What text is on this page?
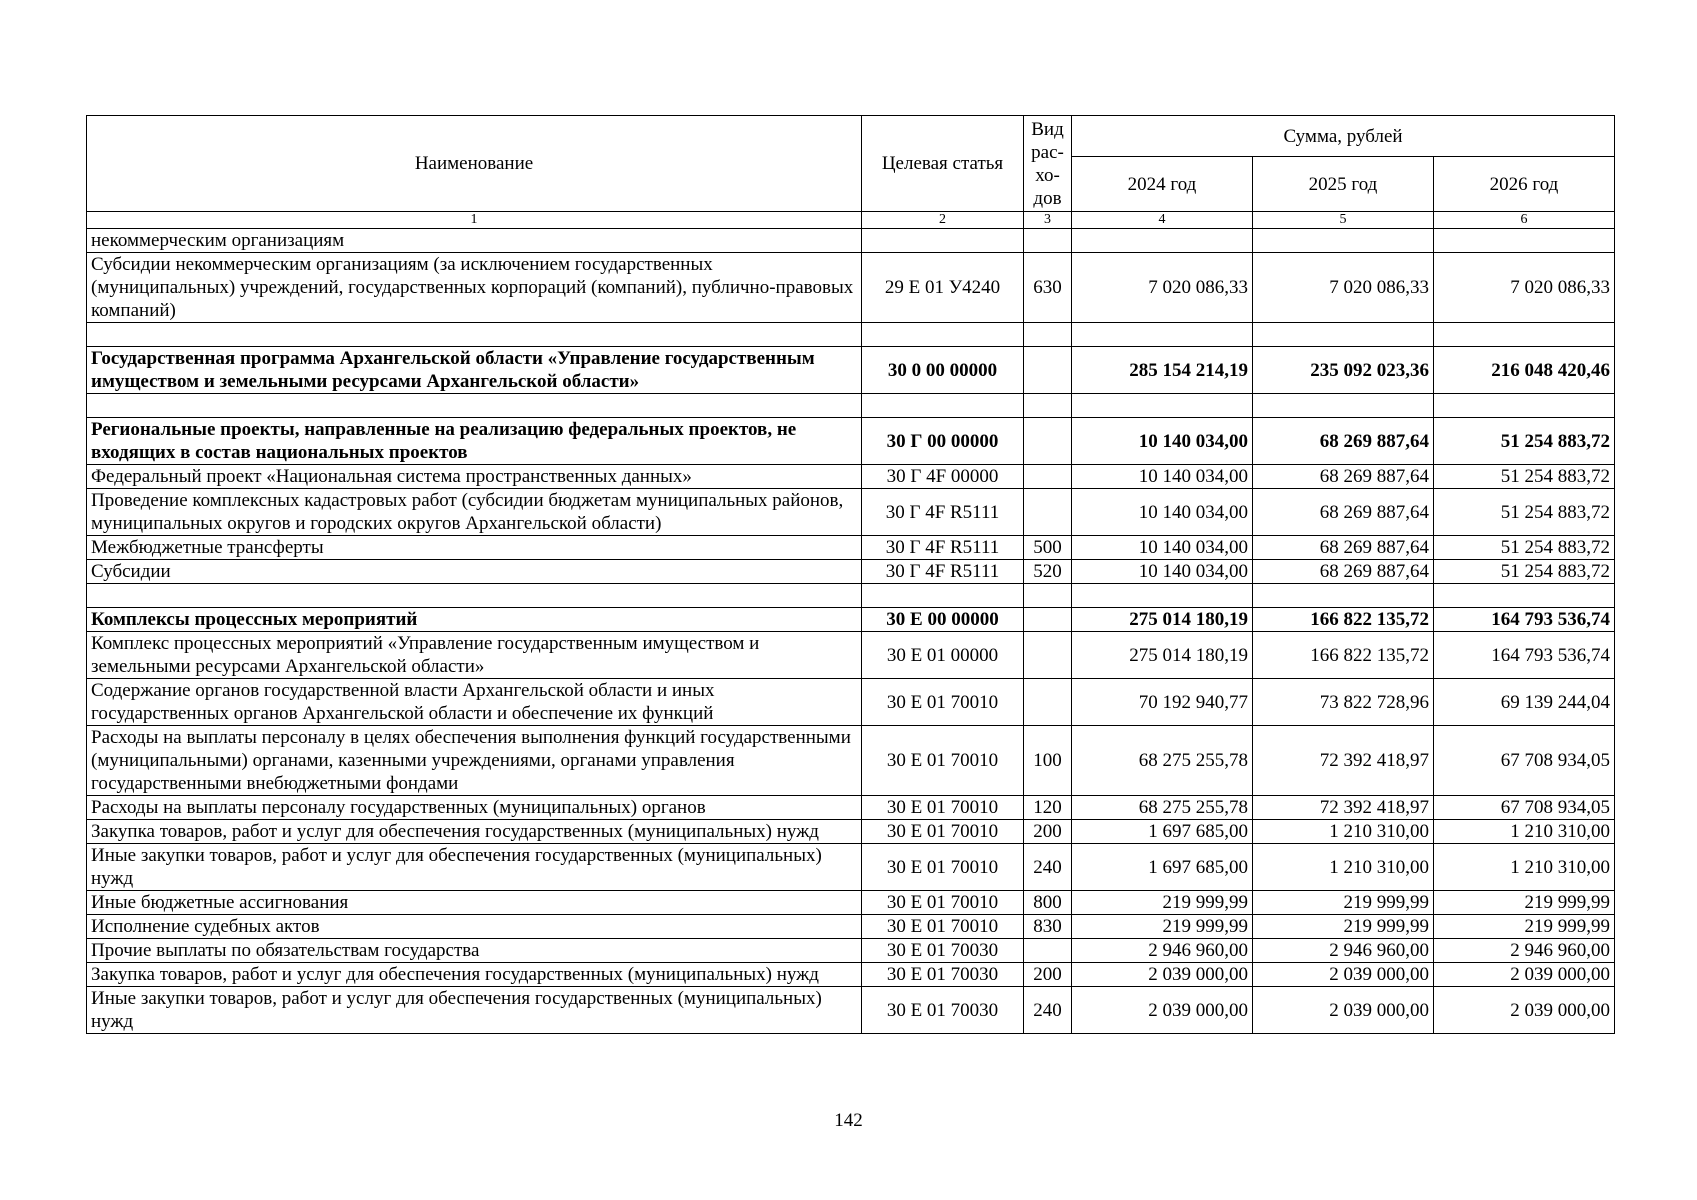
Наименование	Целевая статья	Вид рас-хо-дов	Сумма, рублей		
			2024 год	2025 год	2026 год
1	2	3	4	5	6
некоммерческим организациям					
Субсидии некоммерческим организациям (за исключением государственных (муниципальных) учреждений, государственных корпораций (компаний), публично-правовых компаний)	29 Е 01 У4240	630	7 020 086,33	7 020 086,33	7 020 086,33

Государственная программа Архангельской области «Управление государственным имуществом и земельными ресурсами Архангельской области»	30 0 00 00000		285 154 214,19	235 092 023,36	216 048 420,46

Региональные проекты, направленные на реализацию федеральных проектов, не входящих в состав национальных проектов	30 Г 00 00000		10 140 034,00	68 269 887,64	51 254 883,72
Федеральный проект «Национальная система пространственных данных»	30 Г 4F 00000		10 140 034,00	68 269 887,64	51 254 883,72
Проведение комплексных кадастровых работ (субсидии бюджетам муниципальных районов, муниципальных округов и городских округов Архангельской области)	30 Г 4F R5111		10 140 034,00	68 269 887,64	51 254 883,72
Межбюджетные трансферты	30 Г 4F R5111	500	10 140 034,00	68 269 887,64	51 254 883,72
Субсидии	30 Г 4F R5111	520	10 140 034,00	68 269 887,64	51 254 883,72

Комплексы процессных мероприятий	30 Е 00 00000		275 014 180,19	166 822 135,72	164 793 536,74
Комплекс процессных мероприятий «Управление государственным имуществом и земельными ресурсами Архангельской области»	30 Е 01 00000		275 014 180,19	166 822 135,72	164 793 536,74
Содержание органов государственной власти Архангельской области и иных государственных органов Архангельской области и обеспечение их функций	30 Е 01 70010		70 192 940,77	73 822 728,96	69 139 244,04
Расходы на выплаты персоналу в целях обеспечения выполнения функций государственными (муниципальными) органами, казенными учреждениями, органами управления государственными внебюджетными фондами	30 Е 01 70010	100	68 275 255,78	72 392 418,97	67 708 934,05
Расходы на выплаты персоналу государственных (муниципальных) органов	30 Е 01 70010	120	68 275 255,78	72 392 418,97	67 708 934,05
Закупка товаров, работ и услуг для обеспечения государственных (муниципальных) нужд	30 Е 01 70010	200	1 697 685,00	1 210 310,00	1 210 310,00
Иные закупки товаров, работ и услуг для обеспечения государственных (муниципальных) нужд	30 Е 01 70010	240	1 697 685,00	1 210 310,00	1 210 310,00
Иные бюджетные ассигнования	30 Е 01 70010	800	219 999,99	219 999,99	219 999,99
Исполнение судебных актов	30 Е 01 70010	830	219 999,99	219 999,99	219 999,99
Прочие выплаты по обязательствам государства	30 Е 01 70030		2 946 960,00	2 946 960,00	2 946 960,00
Закупка товаров, работ и услуг для обеспечения государственных (муниципальных) нужд	30 Е 01 70030	200	2 039 000,00	2 039 000,00	2 039 000,00
Иные закупки товаров, работ и услуг для обеспечения государственных (муниципальных) нужд	30 Е 01 70030	240	2 039 000,00	2 039 000,00	2 039 000,00
142
